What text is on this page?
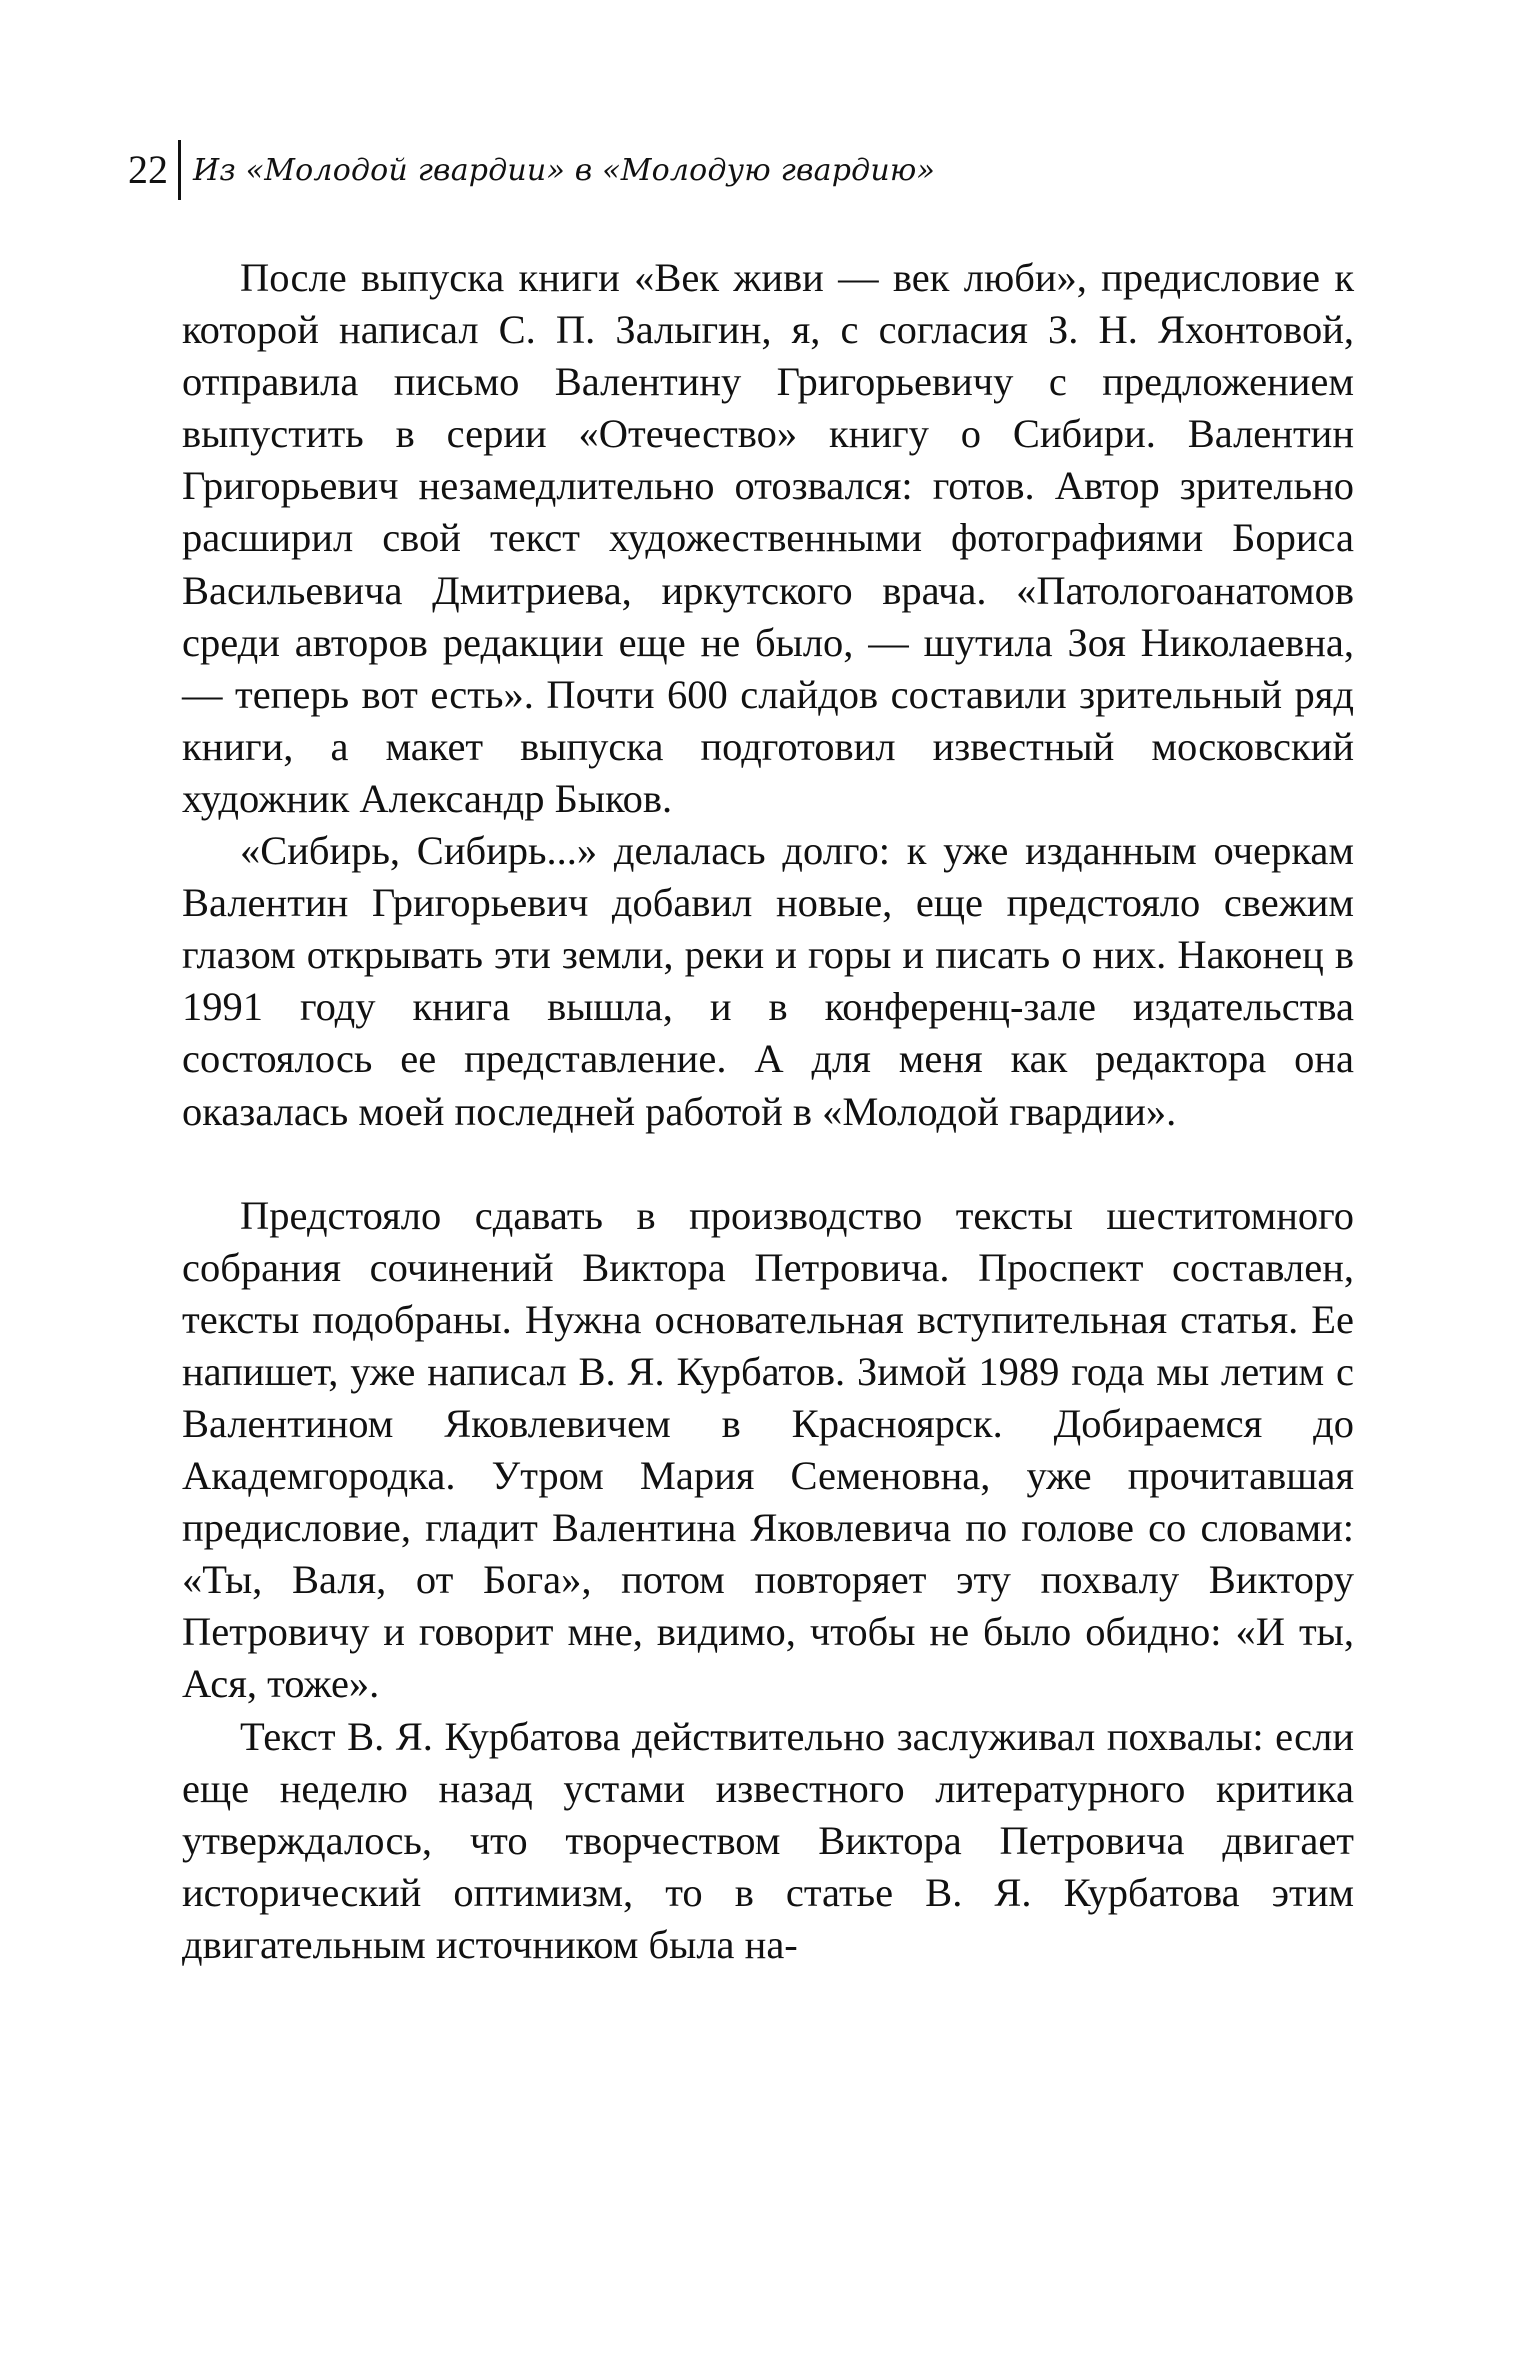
22 Из «Молодой гвардии» в «Молодую гвардию»

После выпуска книги «Век живи — век люби», предисловие к которой написал С. П. Залыгин, я, с согласия З. Н. Яхонтовой, отправила письмо Валентину Григорьевичу с предложением выпустить в серии «Отечество» книгу о Сибири. Валентин Григорьевич незамедлительно отозвался: готов. Автор зрительно расширил свой текст художественными фотографиями Бориса Васильевича Дмитриева, иркутского врача. «Патологоанатомов среди авторов редакции еще не было, — шутила Зоя Николаевна, — теперь вот есть». Почти 600 слайдов составили зрительный ряд книги, а макет выпуска подготовил известный московский художник Александр Быков.

«Сибирь, Сибирь...» делалась долго: к уже изданным очеркам Валентин Григорьевич добавил новые, еще предстояло свежим глазом открывать эти земли, реки и горы и писать о них. Наконец в 1991 году книга вышла, и в конференц-зале издательства состоялось ее представление. А для меня как редактора она оказалась моей последней работой в «Молодой гвардии».

Предстояло сдавать в производство тексты шеститомного собрания сочинений Виктора Петровича. Проспект составлен, тексты подобраны. Нужна основательная вступительная статья. Ее напишет, уже написал В. Я. Курбатов. Зимой 1989 года мы летим с Валентином Яковлевичем в Красноярск. Добираемся до Академгородка. Утром Мария Семеновна, уже прочитавшая предисловие, гладит Валентина Яковлевича по голове со словами: «Ты, Валя, от Бога», потом повторяет эту похвалу Виктору Петровичу и говорит мне, видимо, чтобы не было обидно: «И ты, Ася, тоже».

Текст В. Я. Курбатова действительно заслуживал похвалы: если еще неделю назад устами известного литературного критика утверждалось, что творчеством Виктора Петровича двигает исторический оптимизм, то в статье В. Я. Курбатова этим двигательным источником была на-
